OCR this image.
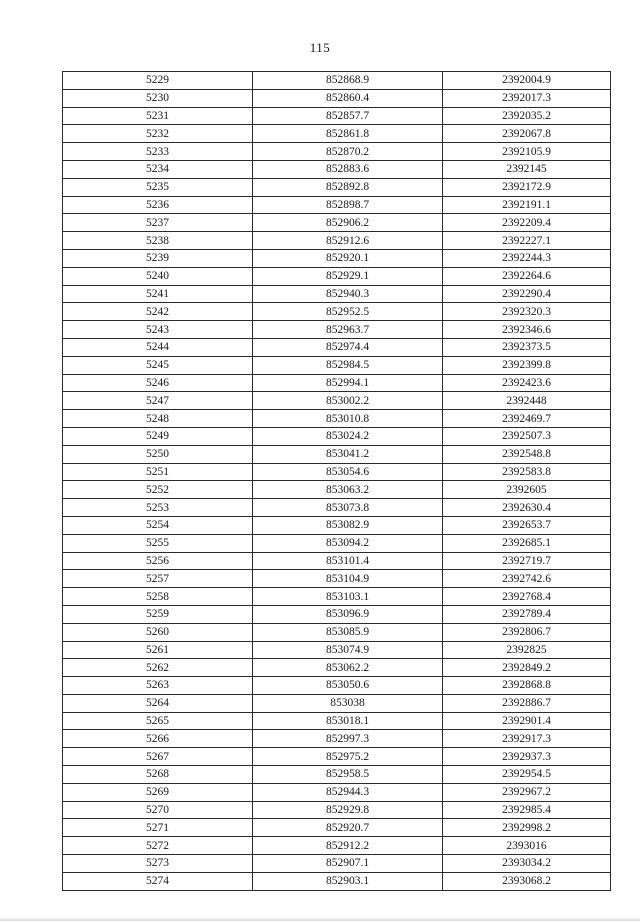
115
5229	852868.9	2392004.9
5230	852860.4	2392017.3
5231	852857.7	2392035.2
5232	852861.8	2392067.8
5233	852870.2	2392105.9
5234	852883.6	2392145
5235	852892.8	2392172.9
5236	852898.7	2392191.1
5237	852906.2	2392209.4
5238	852912.6	2392227.1
5239	852920.1	2392244.3
5240	852929.1	2392264.6
5241	852940.3	2392290.4
5242	852952.5	2392320.3
5243	852963.7	2392346.6
5244	852974.4	2392373.5
5245	852984.5	2392399.8
5246	852994.1	2392423.6
5247	853002.2	2392448
5248	853010.8	2392469.7
5249	853024.2	2392507.3
5250	853041.2	2392548.8
5251	853054.6	2392583.8
5252	853063.2	2392605
5253	853073.8	2392630.4
5254	853082.9	2392653.7
5255	853094.2	2392685.1
5256	853101.4	2392719.7
5257	853104.9	2392742.6
5258	853103.1	2392768.4
5259	853096.9	2392789.4
5260	853085.9	2392806.7
5261	853074.9	2392825
5262	853062.2	2392849.2
5263	853050.6	2392868.8
5264	853038	2392886.7
5265	853018.1	2392901.4
5266	852997.3	2392917.3
5267	852975.2	2392937.3
5268	852958.5	2392954.5
5269	852944.3	2392967.2
5270	852929.8	2392985.4
5271	852920.7	2392998.2
5272	852912.2	2393016
5273	852907.1	2393034.2
5274	852903.1	2393068.2
